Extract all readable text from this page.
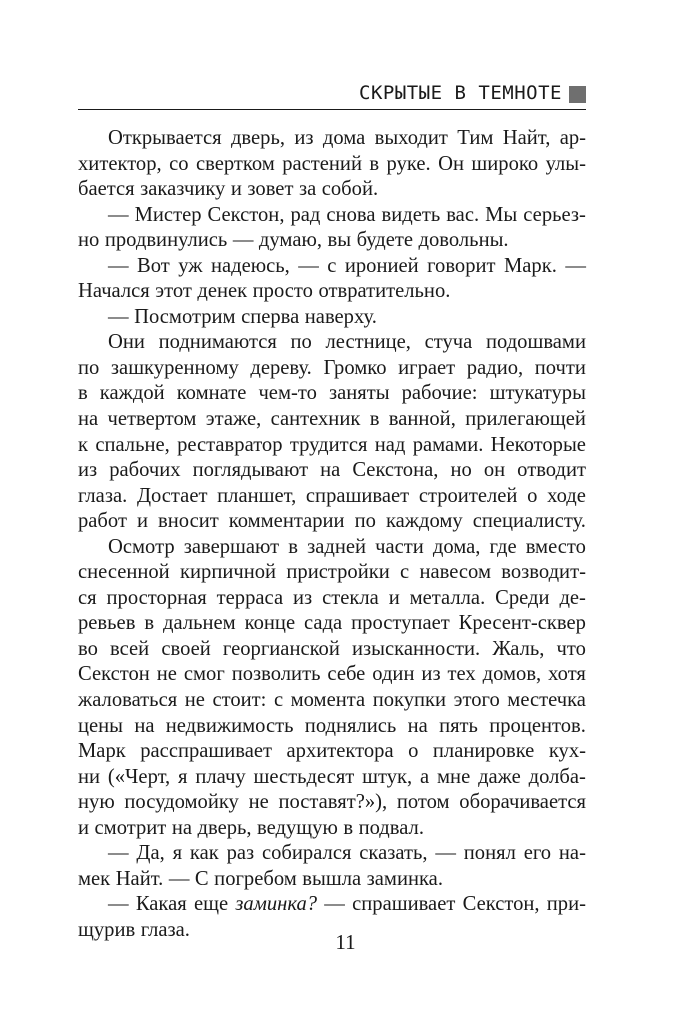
СКРЫТЫЕ В ТЕМНОТЕ
Открывается дверь, из дома выходит Тим Найт, ар-
хитектор, со свертком растений в руке. Он широко улы-
бается заказчику и зовет за собой.
— Мистер Секстон, рад снова видеть вас. Мы серьез-
но продвинулись — думаю, вы будете довольны.
— Вот уж надеюсь, — с иронией говорит Марк. —
Начался этот денек просто отвратительно.
— Посмотрим сперва наверху.
Они поднимаются по лестнице, стуча подошвами
по зашкуренному дереву. Громко играет радио, почти
в каждой комнате чем-то заняты рабочие: штукатуры
на четвертом этаже, сантехник в ванной, прилегающей
к спальне, реставратор трудится над рамами. Некоторые
из рабочих поглядывают на Секстона, но он отводит
глаза. Достает планшет, спрашивает строителей о ходе
работ и вносит комментарии по каждому специалисту.
Осмотр завершают в задней части дома, где вместо
снесенной кирпичной пристройки с навесом возводит-
ся просторная терраса из стекла и металла. Среди де-
ревьев в дальнем конце сада проступает Кресент-сквер
во всей своей георгианской изысканности. Жаль, что
Секстон не смог позволить себе один из тех домов, хотя
жаловаться не стоит: с момента покупки этого местечка
цены на недвижимость поднялись на пять процентов.
Марк расспрашивает архитектора о планировке кух-
ни («Черт, я плачу шестьдесят штук, а мне даже долба-
ную посудомойку не поставят?»), потом оборачивается
и смотрит на дверь, ведущую в подвал.
— Да, я как раз собирался сказать, — понял его на-
мек Найт. — С погребом вышла заминка.
— Какая еще заминка? — спрашивает Секстон, при-
щурив глаза.
11
